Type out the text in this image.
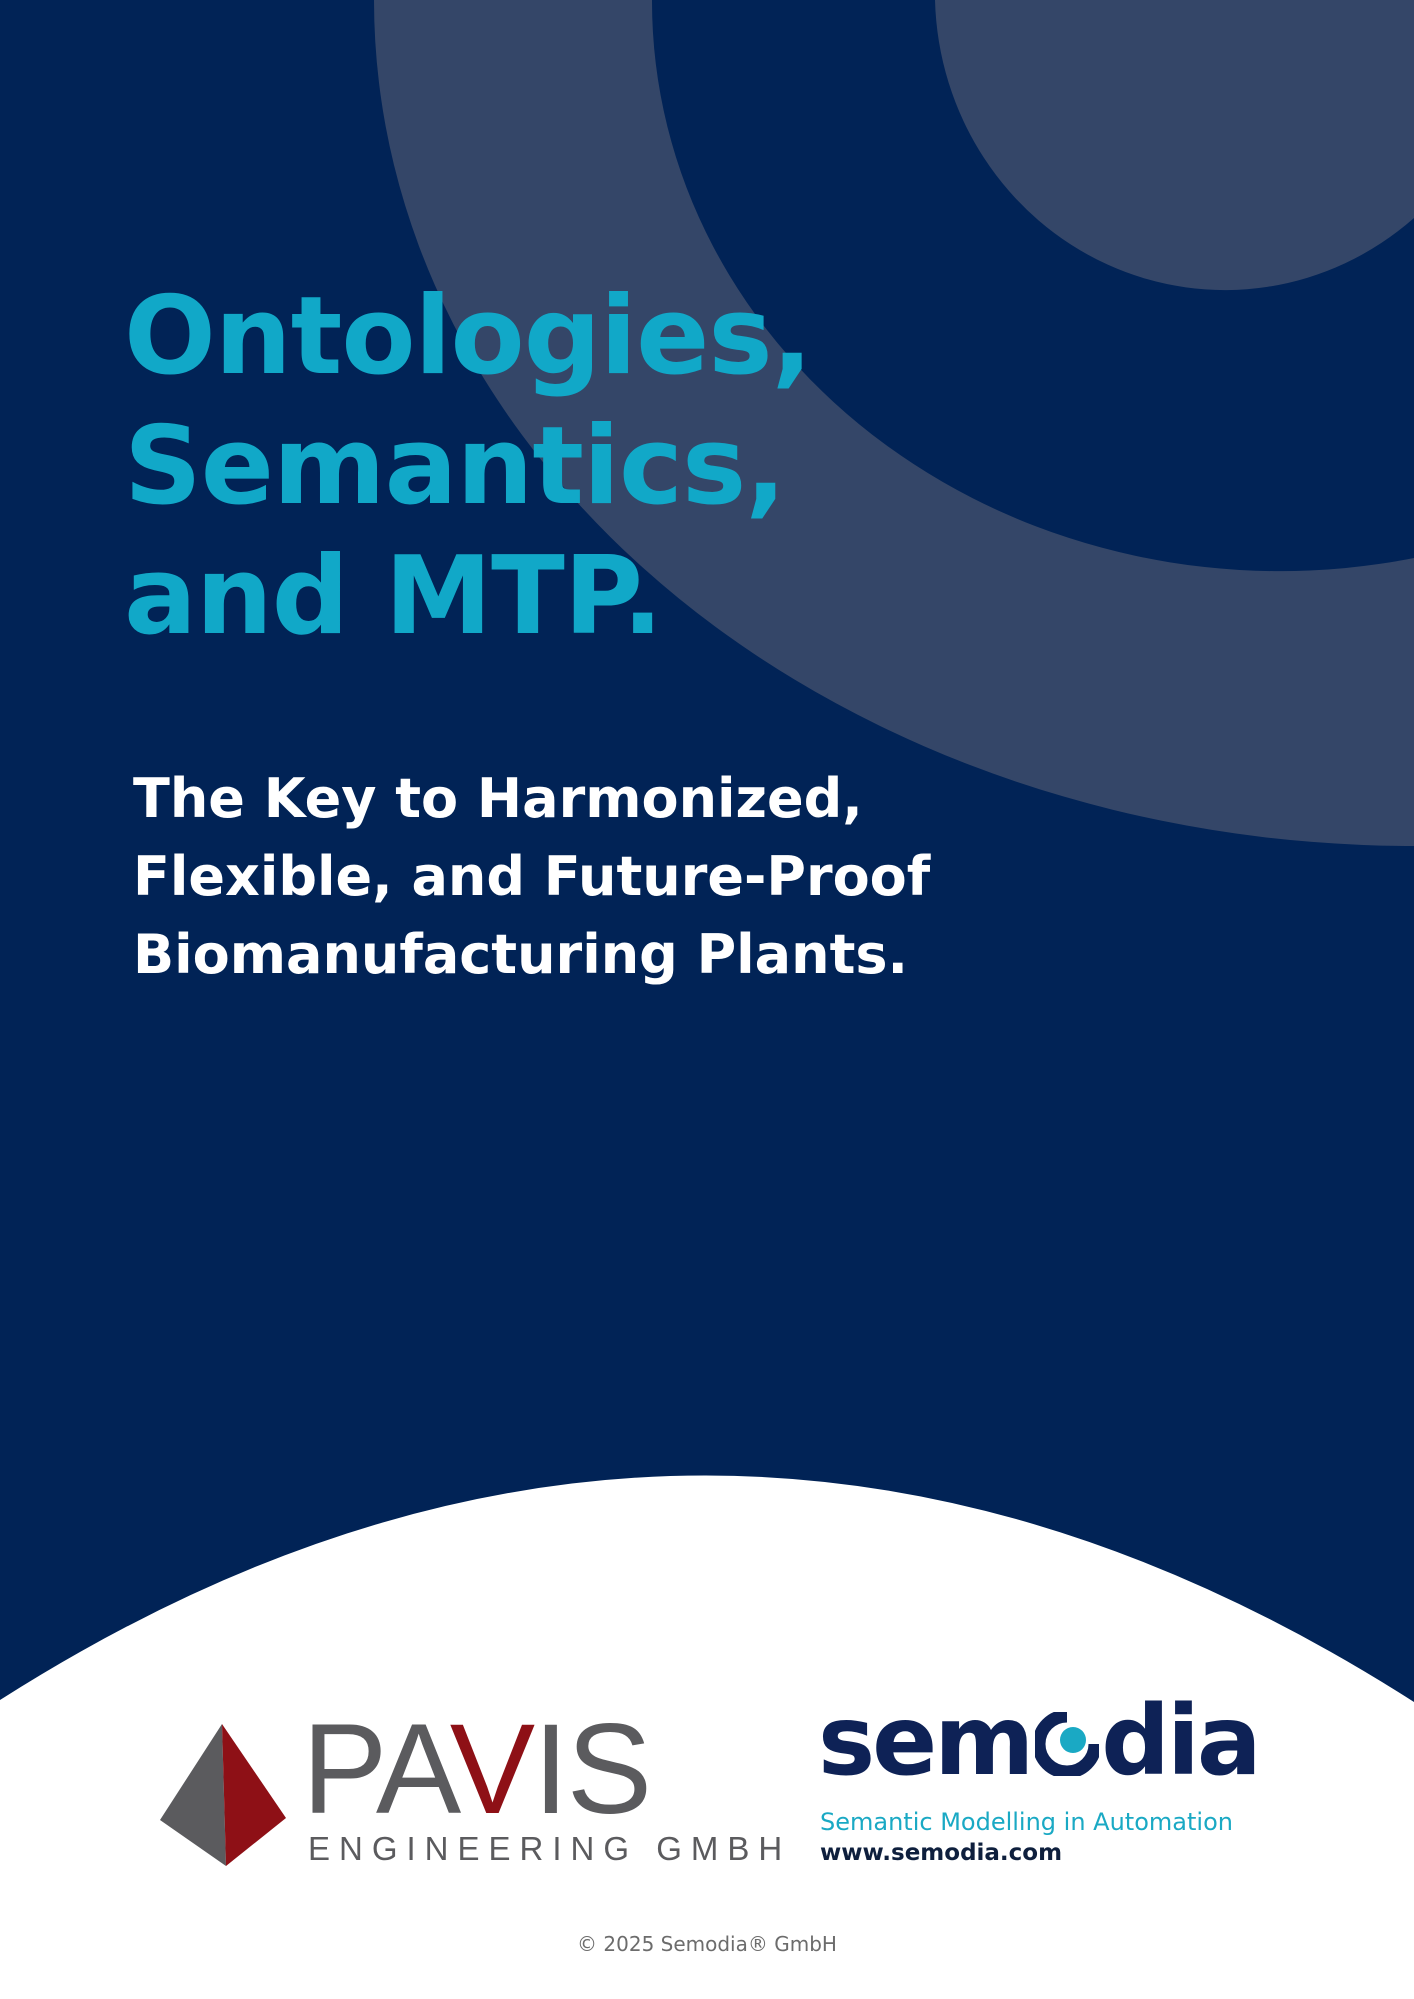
Ontologies,
Semantics,
and MTP.
The Key to Harmonized,
Flexible, and Future-Proof
Biomanufacturing Plants.
PAVIS
ENGINEERING GMBH
sem dia
Semantic Modelling in Automation
www.semodia.com
© 2025 Semodia® GmbH
